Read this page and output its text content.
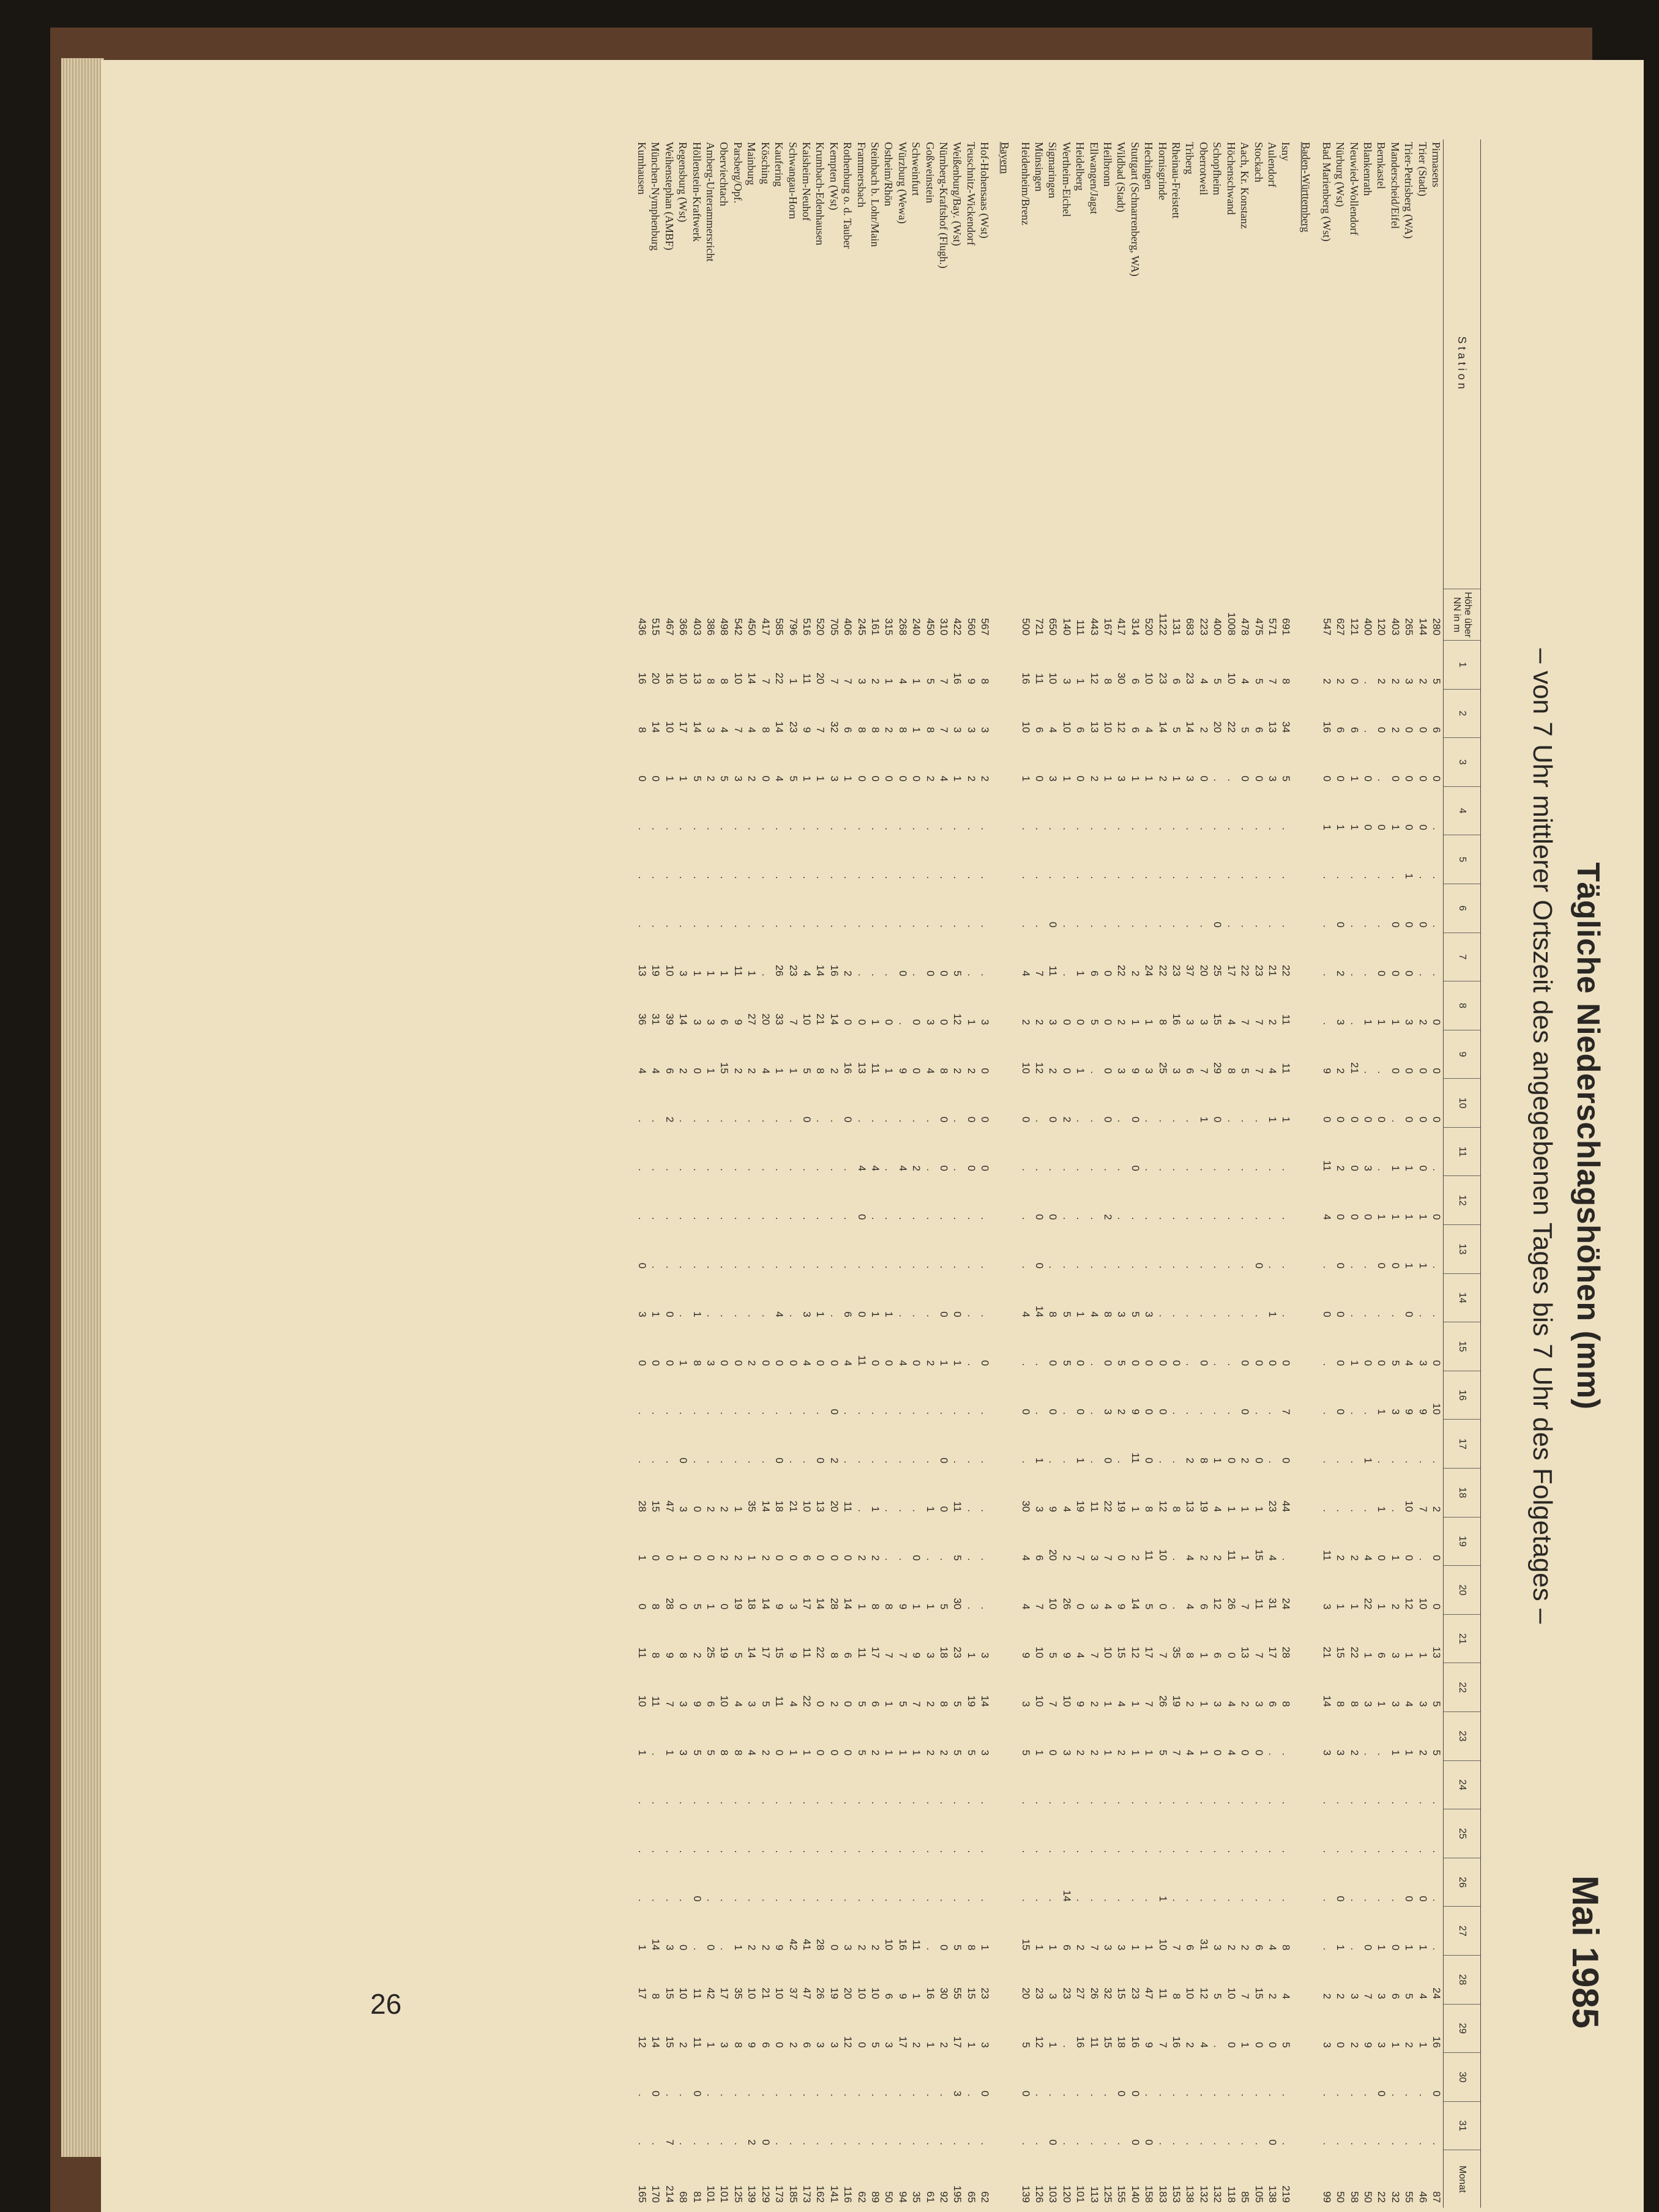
Tägliche Niederschlagshöhen (mm)
– von 7 Uhr mittlerer Ortszeit des angegebenen Tages bis 7 Uhr des Folgetages –
Mai 1985
26
Station	Höhe über NN in m	1	2	3	4	5	6	7	8	9	10	11	12	13	14	15	16	17	18	19	20	21	22	23	24	25	26	27	28	29	30	31	Monat
Pirmasens	280	5	6	0	.	.	.	.	0	0	0	.	0	.	.	0	10	.	2	0	0	13	5	5	.	.	.	.	24	16	0	.	87
Trier (Stadt)	144	2	0	0	0	.	0	.	2	0	0	0	1	1	.	3	9	.	7	.	10	1	3	2	.	.	0	1	4	1	.	.	46
Trier-Petrisberg (WA)	265	3	0	0	0	1	0	0	3	0	0	1	1	1	0	4	9	.	10	0	12	1	4	1	.	.	0	1	5	2	.	.	55
Manderscheid/Eifel	403	2	2	0	1	.	0	0	1	0	.	1	1	0	.	5	3	.	.	1	2	3	3	1	.	.	.	0	6	1	.	.	32
Bernkastel	120	2	0	.	0	.	.	0	1	.	0	.	1	0	.	0	1	.	1	0	1	6	1	.	.	.	.	1	3	3	0	.	22
Blankenrath	400	.	.	0	0	.	.	.	1	.	0	3	0	.	.	0	.	1	.	4	22	1	3	.	.	.	.	0	7	9	.	.	50
Neuwied-Wollendorf	121	0	6	1	1	.	.	.	.	21	0	0	0	.	.	1	.	.	.	2	1	22	8	2	.	.	.	.	3	2	.	.	58
Nürburg (Wst)	627	2	6	0	1	.	0	2	3	2	0	2	0	0	0	0	0	.	.	2	1	15	8	3	.	.	0	1	2	0	.	.	50
Bad Marienberg (Wst)	547	2	16	0	1	.	.	.	.	9	0	11	4	.	0	.	.	.	.	11	3	21	14	3	.	.	.	.	2	3	.	.	99
Baden-Württemberg																																	
Isny	691	8	34	5	.	.	.	22	11	11	1	.	.	.	.	0	7	0	44	.	24	28	8	.	.	.	.	8	4	5	.	.	219
Aulendorf	571	7	13	3	.	.	.	21	2	4	1	.	.	.	1	0	.	.	23	4	31	17	6	.	.	.	.	4	2	0	.	0	138
Stockach	475	5	6	0	.	.	.	23	7	7	.	.	.	0	.	0	.	0	1	15	11	7	3	0	.	.	.	6	15	0	.	.	105
Aach, Kr. Konstanz	478	4	5	0	.	.	.	22	7	5	.	.	.	.	.	0	0	2	1	1	7	13	2	0	.	.	.	2	7	1	.	.	85
Höchenschwand	1008	10	22	.	.	.	.	17	4	8	.	.	.	.	.	.	.	0	1	11	26	0	4	4	.	.	.	2	10	0	.	.	118
Schopfheim	400	5	20	.	.	.	0	25	15	29	0	.	.	.	.	.	.	1	4	2	12	6	3	0	.	.	.	3	5	.	.	.	132
Oberrotweil	223	4	2	0	.	.	.	20	3	7	1	.	.	.	.	0	.	8	19	2	6	1	1	1	.	.	.	31	12	4	.	.	132
Triberg	683	23	14	3	.	.	.	37	3	6	.	.	.	.	.	.	.	2	13	4	4	8	2	4	.	.	.	6	10	2	.	.	138
Rheinau-Freistett	131	6	5	1	.	.	.	23	16	3	.	.	.	.	.	0	.	.	8	.	.	35	19	7	.	.	.	7	8	16	.	.	153
Hornisgrinde	1122	23	14	2	.	.	.	22	8	25	.	.	.	.	.	0	0	.	12	10	0	7	26	5	.	.	1	10	11	7	.	.	183
Hechingen	520	10	4	1	.	.	.	24	1	3	.	.	.	.	3	0	0	0	8	11	5	17	7	1	.	.	.	1	47	9	.	0	158
Stuttgart (Schnarrenberg, WA)	314	6	6	1	.	.	.	2	1	9	0	0	.	.	5	0	9	11	1	2	14	12	1	1	.	.	.	1	23	16	0	0	140
Wildbad (Stadt)	417	30	12	3	.	.	.	22	2	3	.	.	.	.	3	5	2	.	19	0	9	15	4	2	.	.	.	3	15	18	0	.	155
Heilbronn	167	8	10	1	.	.	.	0	0	0	0	.	2	.	8	0	3	0	22	7	4	10	1	1	.	.	.	3	32	15	.	.	125
Ellwangen/Jagst	443	12	13	2	.	.	.	6	5	.	.	.	.	.	4	.	.	.	11	3	3	7	2	2	.	.	.	7	26	11	.	.	113
Heidelberg	111	1	6	0	.	.	.	1	0	1	.	.	.	.	1	0	0	1	19	7	0	4	9	2	.	.	.	2	27	16	.	.	101
Wertheim-Eichel	140	3	10	1	.	.	.	.	0	0	2	.	.	.	5	5	.	.	4	2	26	9	10	3	.	.	14	6	23	.	.	.	120
Sigmaringen	650	10	4	3	.	.	0	11	3	2	0	.	0	.	8	0	0	.	9	20	10	5	7	0	.	.	.	1	3	1	.	0	103
Münsingen	721	11	6	0	.	.	.	7	2	12	.	.	0	0	14	.	.	1	3	6	7	10	10	1	.	.	.	1	23	12	.	.	126
Heidenheim/Brenz	500	16	10	1	.	.	.	4	2	10	0	.	.	.	4	.	0	.	30	4	4	9	3	5	.	.	.	15	20	5	0	.	139
Bayern																																	
Hof-Hohensaas (Wst)	567	8	3	2	.	.	.	.	3	0	0	0	.	.	.	0	.	.	.	.	.	3	14	3	.	.	.	1	23	3	0	.	62
Teuschnitz-Wickendorf	560	9	3	2	.	.	.	.	1	2	0	0	.	.	.	.	.	.	.	.	.	1	19	5	.	.	.	8	15	1	.	.	65
Weißenburg/Bay. (Wst)	422	16	3	1	.	.	.	5	12	2	.	.	.	.	0	1	.	.	11	5	30	23	5	5	.	.	.	5	55	17	3	.	195
Nürnberg-Kraftshof (Flugh.)	310	7	7	4	.	.	.	0	0	8	0	0	.	.	0	1	.	0	0	.	5	18	8	2	.	.	.	0	30	2	.	.	92
Goßweinstein	450	5	8	2	.	.	.	0	3	4	.	.	.	.	.	2	.	.	1	.	1	3	2	2	.	.	.	.	16	1	.	.	61
Schweinfurt	240	1	1	0	.	.	.	.	0	0	.	2	.	.	.	0	.	.	.	0	1	9	7	1	.	.	.	11	1	2	.	.	35
Würzburg (Wewa)	268	4	8	0	.	.	.	0	.	9	.	4	.	.	.	4	.	.	.	.	9	7	5	1	.	.	.	16	9	17	.	.	94
Ostheim/Rhön	315	1	2	0	.	.	.	.	0	1	.	.	.	.	1	0	.	.	.	.	8	7	1	1	.	.	.	10	6	3	.	.	50
Steinbach b. Lohr/Main	161	2	8	0	.	.	.	.	1	11	.	4	.	.	1	0	.	.	1	2	8	17	6	2	.	.	.	2	10	5	.	.	89
Frammersbach	245	3	8	0	.	.	.	.	0	13	.	4	0	.	0	11	.	.	.	2	1	11	5	5	.	.	.	2	10	0	.	.	62
Rothenburg o. d. Tauber	406	7	6	1	.	.	.	2	0	16	0	.	.	.	6	4	.	.	11	0	14	6	0	0	.	.	.	3	20	12	.	.	116
Kempten (Wst)	705	7	32	3	.	.	.	16	14	2	.	.	.	.	.	0	0	2	20	0	28	8	2	0	.	.	.	0	19	3	.	.	141
Krumbach-Edenhausen	520	20	7	1	.	.	.	14	21	8	.	.	.	.	1	0	.	0	13	0	14	22	0	0	.	.	.	28	26	3	.	.	162
Kaisheim-Neuhof	516	11	9	1	.	.	.	4	10	5	0	.	.	.	3	4	.	.	10	6	17	11	22	1	.	.	.	41	47	6	.	.	173
Schwangau-Horn	796	1	23	5	.	.	.	23	7	1	.	.	.	.	.	0	.	.	21	0	3	9	4	1	.	.	.	42	37	2	.	.	185
Kaufering	585	22	14	4	.	.	.	26	33	1	.	.	.	.	4	0	.	0	18	0	9	15	11	0	.	.	.	9	10	0	.	.	173
Kösching	417	7	8	0	.	.	.	.	20	4	.	.	.	.	.	0	.	.	14	2	14	17	5	2	.	.	.	2	21	6	.	0	129
Mainburg	450	14	4	2	.	.	.	1	27	2	.	.	.	.	.	2	.	.	35	1	18	14	3	4	.	.	.	2	10	9	.	2	139
Parsberg/Opf.	542	10	7	3	.	.	.	11	9	2	.	.	.	.	.	0	.	.	1	2	19	5	4	8	.	.	.	1	35	8	.	.	125
Oberviechtach	498	8	4	5	.	.	.	1	6	15	.	.	.	.	.	0	.	.	2	2	0	19	10	8	.	.	.	.	17	3	.	.	101
Amberg-Unterammersricht	386	8	3	2	.	.	.	1	3	1	.	.	.	.	.	3	.	.	2	0	1	25	6	5	.	.	.	0	42	1	.	.	101
Höllenstein-Kraftwerk	403	13	14	5	.	.	.	1	3	0	.	.	.	.	1	8	.	.	0	0	5	2	9	5	.	.	0	.	11	11	0	.	81
Regensburg (Wst)	366	10	17	1	.	.	.	3	14	2	.	.	.	.	.	1	.	0	3	1	0	8	3	3	.	.	.	0	10	2	.	.	68
Weihenstephan (AMBF)	467	16	10	1	.	.	.	10	39	6	2	.	.	.	0	0	.	.	47	0	28	9	7	1	.	.	.	3	15	15	.	7	214
München-Nymphenburg	515	20	14	0	.	.	.	19	31	4	.	.	.	.	1	0	.	.	15	0	8	8	11	.	.	.	.	14	8	14	0	.	170
Kumhausen	436	16	8	0	.	.	.	13	36	4	.	.	.	0	3	0	.	.	28	1	0	11	10	1	.	.	.	1	17	12	.	.	165
